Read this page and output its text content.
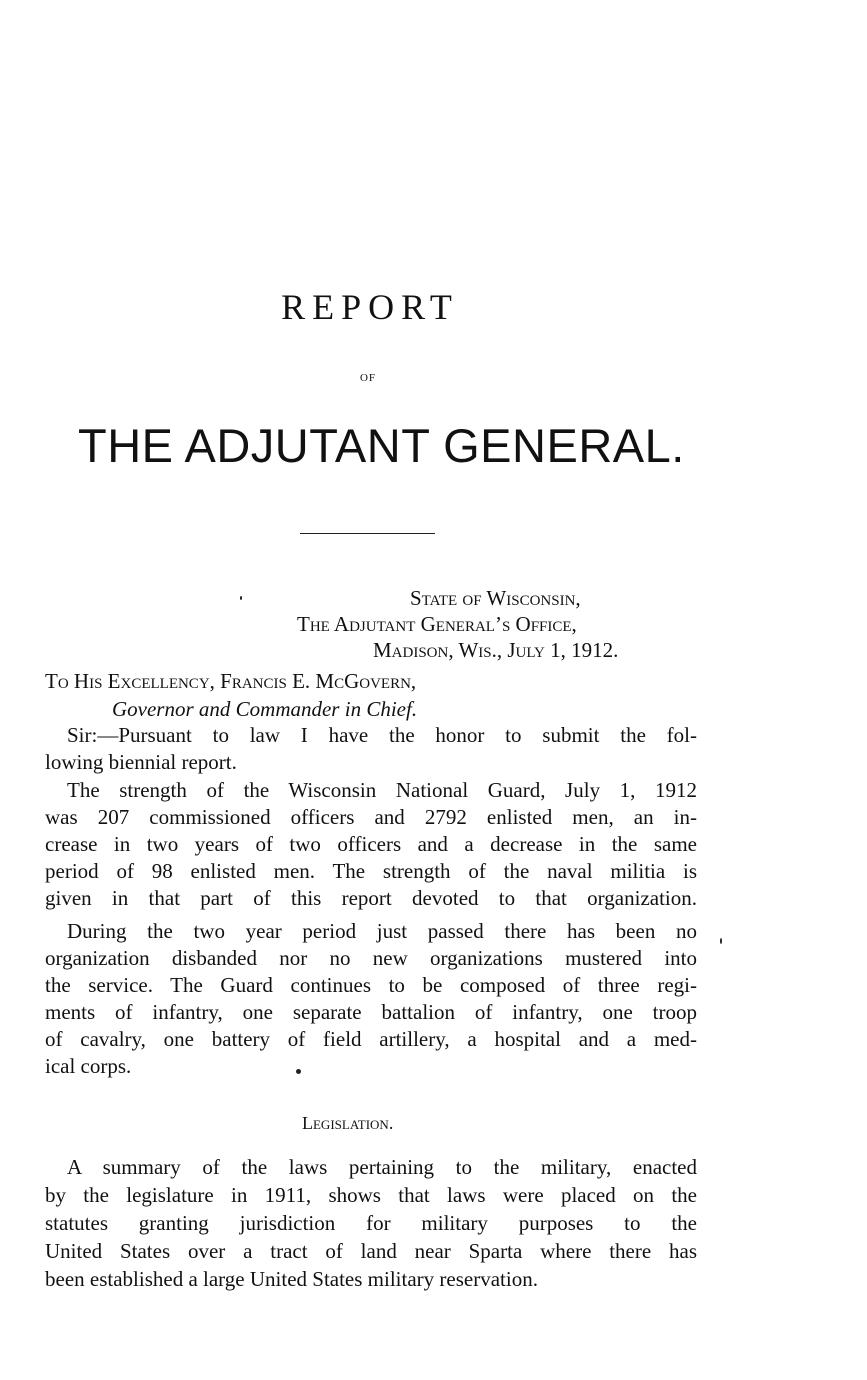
REPORT
OF
THE ADJUTANT GENERAL.
State of Wisconsin,
The Adjutant General’s Office,
Madison, Wis., July 1, 1912.
To His Excellency, Francis E. McGovern,
Governor and Commander in Chief.
Sir:—Pursuant to law I have the honor to submit the fol-
lowing biennial report.
The strength of the Wisconsin National Guard, July 1, 1912
was 207 commissioned officers and 2792 enlisted men, an in-
crease in two years of two officers and a decrease in the same
period of 98 enlisted men. The strength of the naval militia is
given in that part of this report devoted to that organization.
During the two year period just passed there has been no
organization disbanded nor no new organizations mustered into
the service. The Guard continues to be composed of three regi-
ments of infantry, one separate battalion of infantry, one troop
of cavalry, one battery of field artillery, a hospital and a med-
ical corps.
Legislation.
A summary of the laws pertaining to the military, enacted
by the legislature in 1911, shows that laws were placed on the
statutes granting jurisdiction for military purposes to the
United States over a tract of land near Sparta where there has
been established a large United States military reservation.
